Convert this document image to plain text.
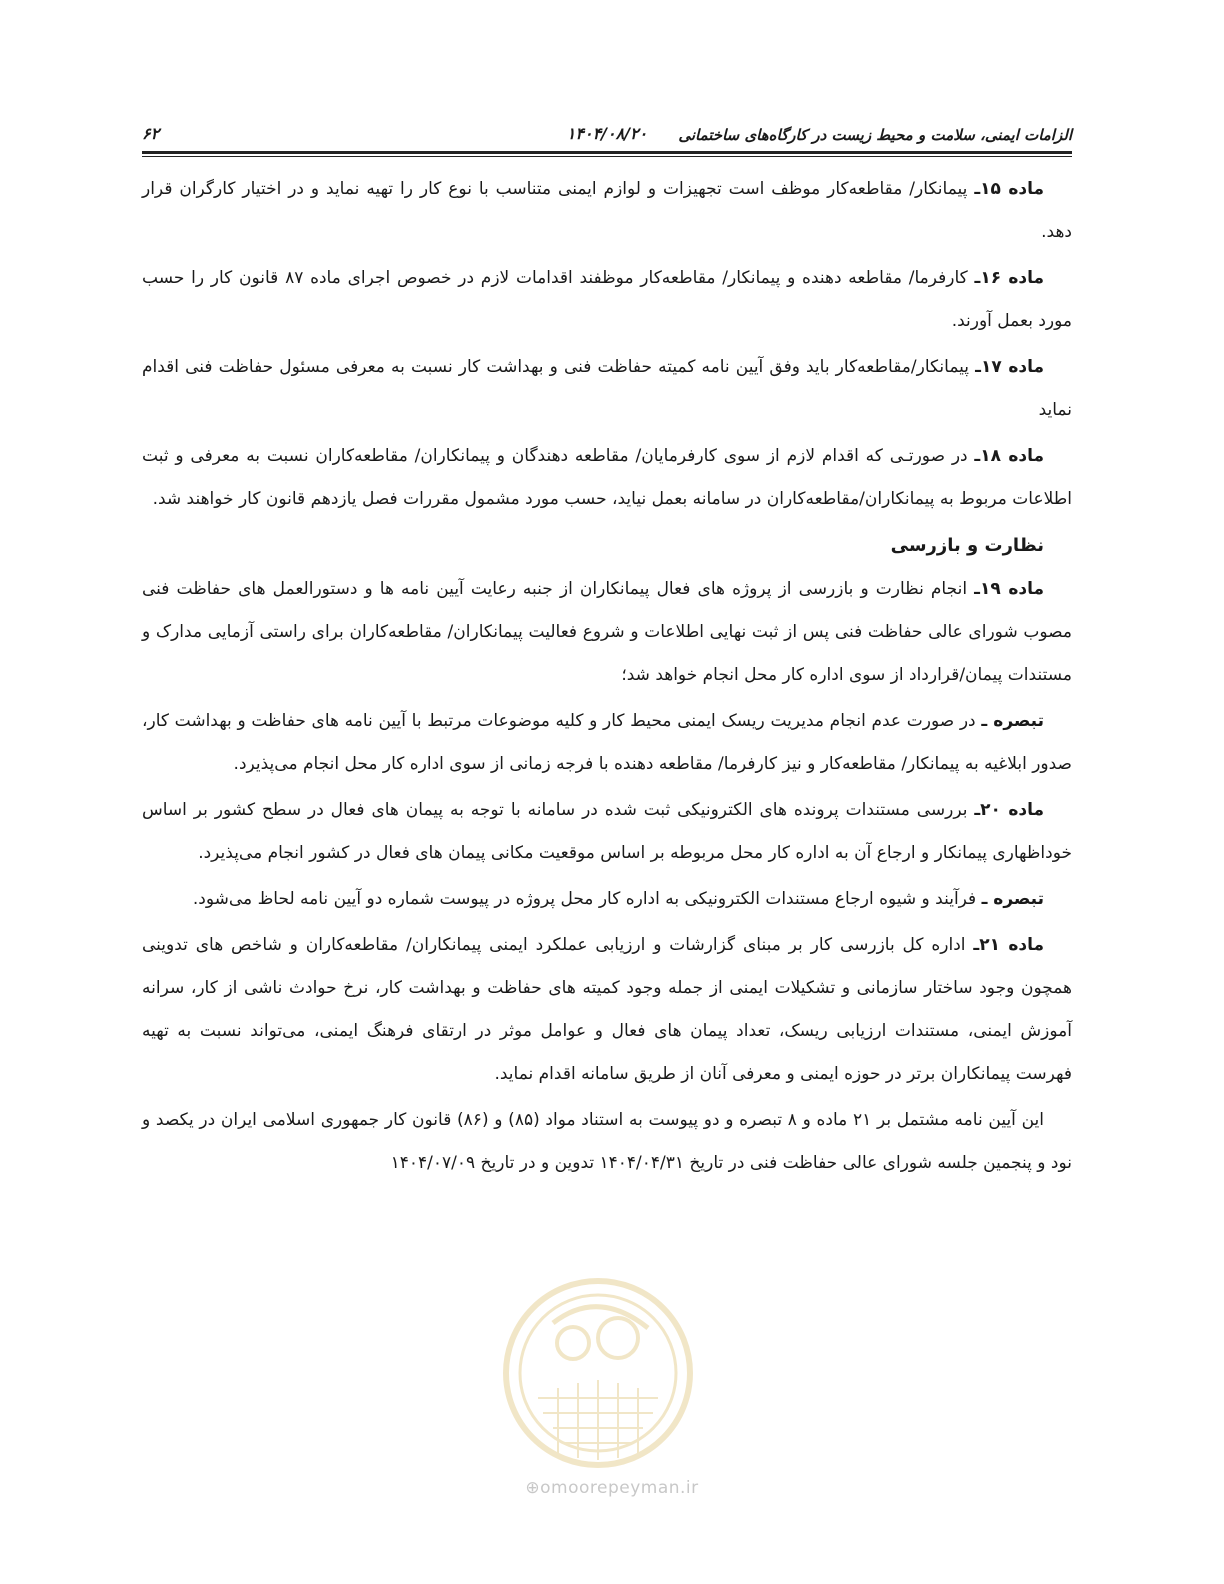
الزامات ایمنی، سلامت و محیط زیست در کارگاه‌های ساختمانی
۱۴۰۴/۰۸/۲۰
۶۲

ماده ۱۵ـ پیمانکار/ مقاطعه‌کار موظف است تجهیزات و لوازم ایمنی متناسب با نوع کار را تهیه نماید و در اختیار کارگران قرار دهد.

ماده ۱۶ـ کارفرما/ مقاطعه دهنده و پیمانکار/ مقاطعه‌کار موظفند اقدامات لازم در خصوص اجرای ماده ۸۷ قانون کار را حسب مورد بعمل آورند.

ماده ۱۷ـ پیمانکار/مقاطعه‌کار باید وفق آیین نامه کمیته حفاظت فنی و بهداشت کار نسبت به معرفی مسئول حفاظت فنی اقدام نماید

ماده ۱۸ـ در صورتـی که اقدام لازم از سوی کارفرمایان/ مقاطعه دهندگان و پیمانکاران/ مقاطعه‌کاران نسبت به معرفی و ثبت اطلاعات مربوط به پیمانکاران/مقاطعه‌کاران در سامانه بعمل نیاید، حسب مورد مشمول مقررات فصل یازدهم قانون کار خواهند شد.

نظارت و بازرسی

ماده ۱۹ـ انجام نظارت و بازرسی از پروژه های فعال پیمانکاران از جنبه رعایت آیین نامه ها و دستورالعمل های حفاظت فنی مصوب شورای عالی حفاظت فنی پس از ثبت نهایی اطلاعات و شروع فعالیت پیمانکاران/ مقاطعه‌کاران برای راستی آزمایی مدارک و مستندات پیمان/قرارداد از سوی اداره کار محل انجام خواهد شد؛

تبصره ـ در صورت عدم انجام مدیریت ریسک ایمنی محیط کار و کلیه موضوعات مرتبط با آیین نامه های حفاظت و بهداشت کار، صدور ابلاغیه به پیمانکار/ مقاطعه‌کار و نیز کارفرما/ مقاطعه دهنده با فرجه زمانی از سوی اداره کار محل انجام می‌پذیرد.

ماده ۲۰ـ بررسی مستندات پرونده های الکترونیکی ثبت شده در سامانه با توجه به پیمان های فعال در سطح کشور بر اساس خوداظهاری پیمانکار و ارجاع آن به اداره کار محل مربوطه بر اساس موقعیت مکانی پیمان های فعال در کشور انجام می‌پذیرد.

تبصره ـ فرآیند و شیوه ارجاع مستندات الکترونیکی به اداره کار محل پروژه در پیوست شماره دو آیین نامه لحاظ می‌شود.

ماده ۲۱ـ اداره کل بازرسی کار بر مبنای گزارشات و ارزیابی عملکرد ایمنی پیمانکاران/ مقاطعه‌کاران و شاخص های تدوینی همچون وجود ساختار سازمانی و تشکیلات ایمنی از جمله وجود کمیته های حفاظت و بهداشت کار، نرخ حوادث ناشی از کار، سرانه آموزش ایمنی، مستندات ارزیابی ریسک، تعداد پیمان های فعال و عوامل موثر در ارتقای فرهنگ ایمنی، می‌تواند نسبت به تهیه فهرست پیمانکاران برتر در حوزه ایمنی و معرفی آنان از طریق سامانه اقدام نماید.

این آیین نامه مشتمل بر ۲۱ ماده و ۸ تبصره و دو پیوست به استناد مواد (۸۵) و (۸۶) قانون کار جمهوری اسلامی ایران در یکصد و نود و پنجمین جلسه شورای عالی حفاظت فنی در تاریخ ۱۴۰۴/۰۴/۳۱ تدوین و در تاریخ ۱۴۰۴/۰۷/۰۹

⊕omoorepeyman.ir
